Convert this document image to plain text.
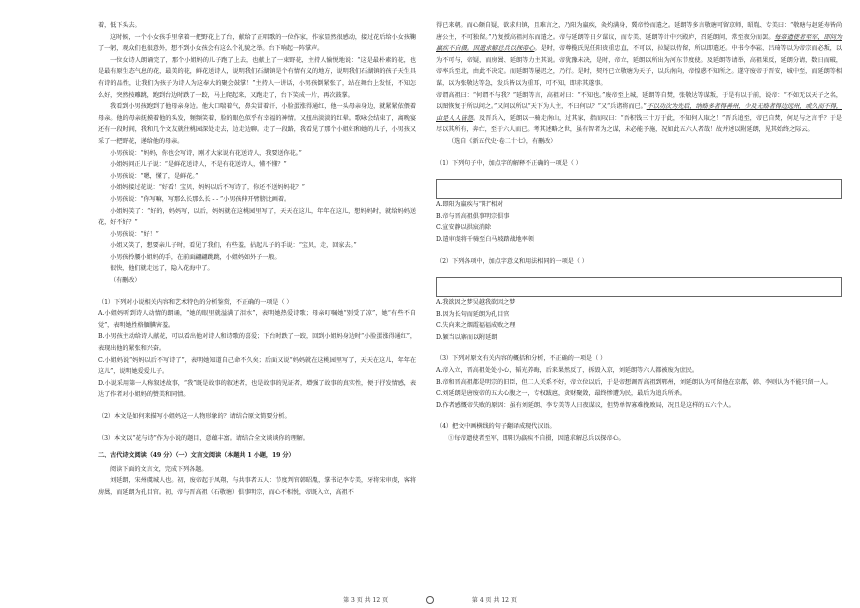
着，低下头去。

这时候，一个小女孩手里拿着一把野花上了台，献给了正唱歌的一位作家，作家显然很感动，接过花后给小女孩鞠了一躬，观众们也很意外，想不到小女孩会有这么个礼貌之举。台下响起一阵掌声。

一位女诗人朗诵完了，那个小姐妈的儿子跑了上去，也献上了一束野花，主持人愉悦地说：“这是最朴素的花，也是最有原生态气息的花，最美的花，鲜花送诗人，说明我们石湖镇是个有情有义的地方，说明我们石湖镇的孩子天生具有诗的品性，让我们为孩子为诗人为这奉大的聚会鼓掌！”主持人一讲话，小男孩倒紧张了，站在舞台上发怔，不知怎么好，突然按雕跳，跑到台边时跌了一跤，马上爬起来，又跑走了，台下笑成一片，再次鼓掌。

我看到小男孩跑到了他母亲身边。他大口喘着气，鼻尖冒着汗，小脸蛋涨得通红，他一头母亲身边，就紧紧依偎着母亲。他的母亲抚摸着他的头发，頻频笑着，脸的眼色似乎有幸福的神情。又扭出淡淡的红晕。歌咏会结束了，离晚宴还有一段时间，我和几个文友就往桃园深处走去，边走边聊。走了一段路，我看见了那个小姐妇和她的儿子，小男孩又采了一把野花，递给他的母亲。

小男孩说：“妈妈，你也会写诗，刚才大家说有花送诗人，我要送你花。”

小姐妈问正儿子说：“是鲜花送诗人，不是有花送诗人，懂不懂？”

小男孩说：“嗯，懂了，是鲜花。”

小姐妈接过花说：“好看！宝贝，妈妈以后不写诗了，你还不送妈妈花？”

小男孩说：“你写嘛，写那么长那么长 - - ”小男孩伸开臂膀比画着。

小姐妈笑了：“好的，妈妈写，以后，妈妈就在这桃园里写了，天天在这儿，年年在这儿，想妈妈时，就给妈妈送花，好不好？”

小男孩说：“好！”

小姐又笑了，想要亲儿子时，看见了我们，有些羞，拈起儿子的手说：“宝贝，走，回家去。”

小男孩拎腰小姐妈的手，在前面翩翩跳跳，小姐妈如外子一般。

很快，他们就走远了，隐入花海中了。

（有删改）

（1）下列对小说相关内容和艺术特色的分析鉴赏，不正确的一项是（ ）

A.小姐妈听到诗人动情的朗诵，“她的眼里就溢满了泪水”，表明她热爱诗歌；母亲叮嘱她“别受了凉”，她“有些不自觉”，表明她性格腼腆害羞。

B.小男孩主动给诗人献花，可以看出他对诗人和诗歌的喜爱；下台时跌了一跤，回到小姐妈身边时“小脸蛋涨得通红”，表现出他的紧张和兴奋。

C.小姐妈说“妈妈以后不写诗了”，表明她知道自己命不久矣；后面又说“妈妈就在这桃园里写了，天天在这儿，年年在这儿”，说明她爱爱儿子。

D.小说采用第一人称叙述故事，“我”既是故事的叙述者，也是故事的见证者，增强了故事的真实性，便于抒发情感，表达了作者对小姐妈的赞美和同情。

（2）本文是如何来描写小姐妈这一人物形象的？请结合原文简要分析。

（3）本文以“花与诗”作为小说的题目，意蕴丰富。请结合全文谈谈你的理解。

二、古代诗文阅读（49 分）（一）文言文阅读（本题共 1 小题，19 分）

阅读下面的文言文，完成下列各题。

刘延朗，宋州虞城人也。初，废帝起于凤翔，与共事者五人：节度判官韩昭胤，掌书记李专美，牙将宋审虔，客将房暠，而延朗为孔目官。初，帝与晋高祖（石敬塘）俱事明宗，而心不相悦，帝既入立，高祖不

得已来朝。而心颇自疑，欲求归镇，且难言之，乃阳为羸疾，灸灼满身，冀帝怜而遣之。延朗等多言敬瑭可留京师，昭胤、专美曰：“敬瑭与赵延寿皆尚唐公主，不可独留。”乃复授高祖河东而遣之。帝与延朗等日夕谋议，而专美、延朗等计中兴殿庐，召延朗问，常至夜分而罢。每帝遗使者至军，即问为羸疾不自摄。因遣求解总兵以探帝心。是时，帝尊揽氏见任阳贵重忠直，不可以，拉疑以侍留，所以即遣还。中书令李崧、吕琦等以为帝宗而必叛，以为不可与，帝疑，而房暠、延朗等力主其说。帝犹豫未决，是时，帝立，延朗以所出为河东节度使。及延朗等请举，高祖果反，延朗分请，数日而破，帝率兵至北，由此不决定。而延朗等屡迟之，乃行。是时，契丹已立敬塘为天子，以兵南向，帝惶惑不知所之。遂守废帝于晋安，城中至，而延朗等相谋，以为张敬达等急，发兵皆以为重耳，可不知，即赤其遂事。

帝谓高祖曰：“何谓不与我？”延朗等言，高祖对曰：“不知也。”废帝至上城，延朗等自焚，张敬达等谋叛，于是有以于前，说帝：“不如无以天子之名，以图恢复于所以问之。”又问以所以“天下为人主，不曰何以？”又“兵诸将而已。”不以功次为先后，纳赂多者得善州，少及无赂者得边远州，或久而不得，由是人人皆怨。及晋兵入，延朗以一骑走南山，过其家，指而叹曰：“吾积钱三十万于此，不知何人取之！”晋兵追至，帝已自焚，何足与之言乎？于是尽以其所有，奔亡，至于六人而已。考其述略之世，虽有智者为之谋，未必能予施，况如此五六人者哉！故并述以附延朗，见其始终之际云。

（选自《新五代史·卷二十七》，有删改）

（1）下列句子中，加点字的解释不正确的一项是（ ）

A.即阳为羸疾与“阳”相对

B.帝与晋高祖俱事明宗俱事

C.宣安静以拱宸消除

D.遣审虔将千骑至白马坡踏战地率领

（2）下列各项中，加点字意义和用法相同的一项是（ ）

A.我欲因之梦吴越我欲因之梦

B.因为长句而延朗为孔目官

C.失向来之烟霞福福成败之理

D.颍当以寨而以附延朗

（3）下列对原文有关内容的概括和分析，不正确的一项是（ ）

A.帝入立，晋高祖处处小心，韬光养晦，后来果然反了，拆毁入京，刘延朗等六人都被废为庶民。

B.帝和晋高祖都是明宗的旧臣，但二人关系不好，帝立位以后，于是帝想调晋高祖到郓州，刘延朗认为可留他在京都，韩、李则认为不能只留一人。

C.刘延朗是唐废帝的五大心腹之一，专权跋扈，贪财聚敛，最终惨遭为民，最后为追兵所杀。

D.作者感慨帝失败的原因：虽有刘延朗、李专美等人日夜谋议，但势单智寡难挽败局，况且是这样的五六个人。

（4）把文中画横线的句子翻译成现代汉语。

①每帝遗使者至军，即阳为羸疾不自摄，因遣求解总兵以探帝心。

第 3 页 共 12 页	第 4 页 共 12 页
